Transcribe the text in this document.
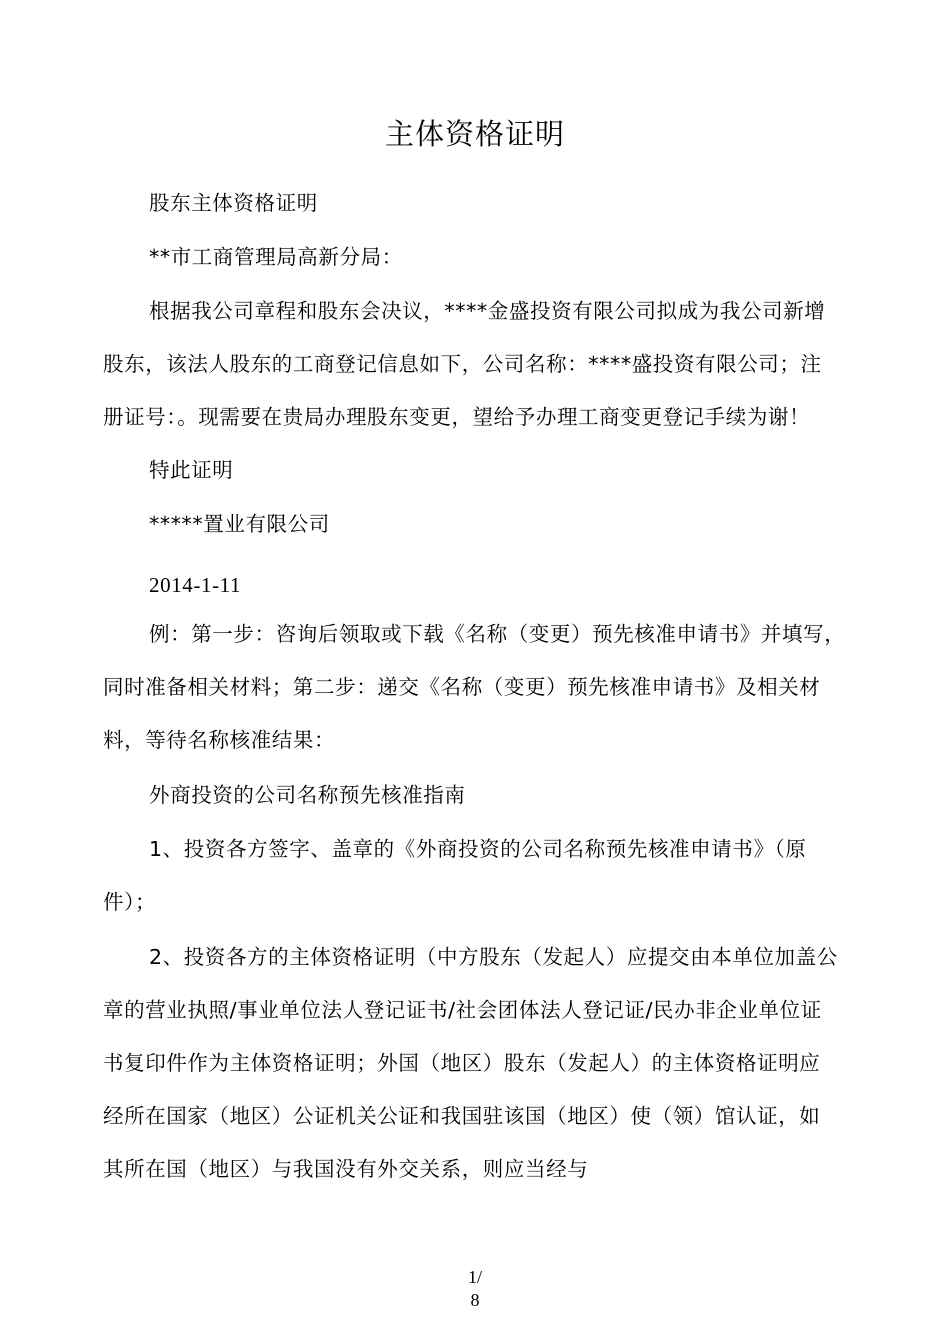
主体资格证明

股东主体资格证明

**市工商管理局高新分局：

根据我公司章程和股东会决议，****金盛投资有限公司拟成为我公司新增
股东，该法人股东的工商登记信息如下，公司名称：****盛投资有限公司；注
册证号：。现需要在贵局办理股东变更，望给予办理工商变更登记手续为谢！

特此证明

*****置业有限公司

2014-1-11

例：第一步：咨询后领取或下载《名称（变更）预先核准申请书》并填写，
同时准备相关材料；第二步：递交《名称（变更）预先核准申请书》及相关材
料，等待名称核准结果：

外商投资的公司名称预先核准指南

1、投资各方签字、盖章的《外商投资的公司名称预先核准申请书》（原
件）；
2、投资各方的主体资格证明（中方股东（发起人）应提交由本单位加盖公
章的营业执照/事业单位法人登记证书/社会团体法人登记证/民办非企业单位证
书复印件作为主体资格证明；外国（地区）股东（发起人）的主体资格证明应
经所在国家（地区）公证机关公证和我国驻该国（地区）使（领）馆认证，如
其所在国（地区）与我国没有外交关系，则应当经与
1/
8
